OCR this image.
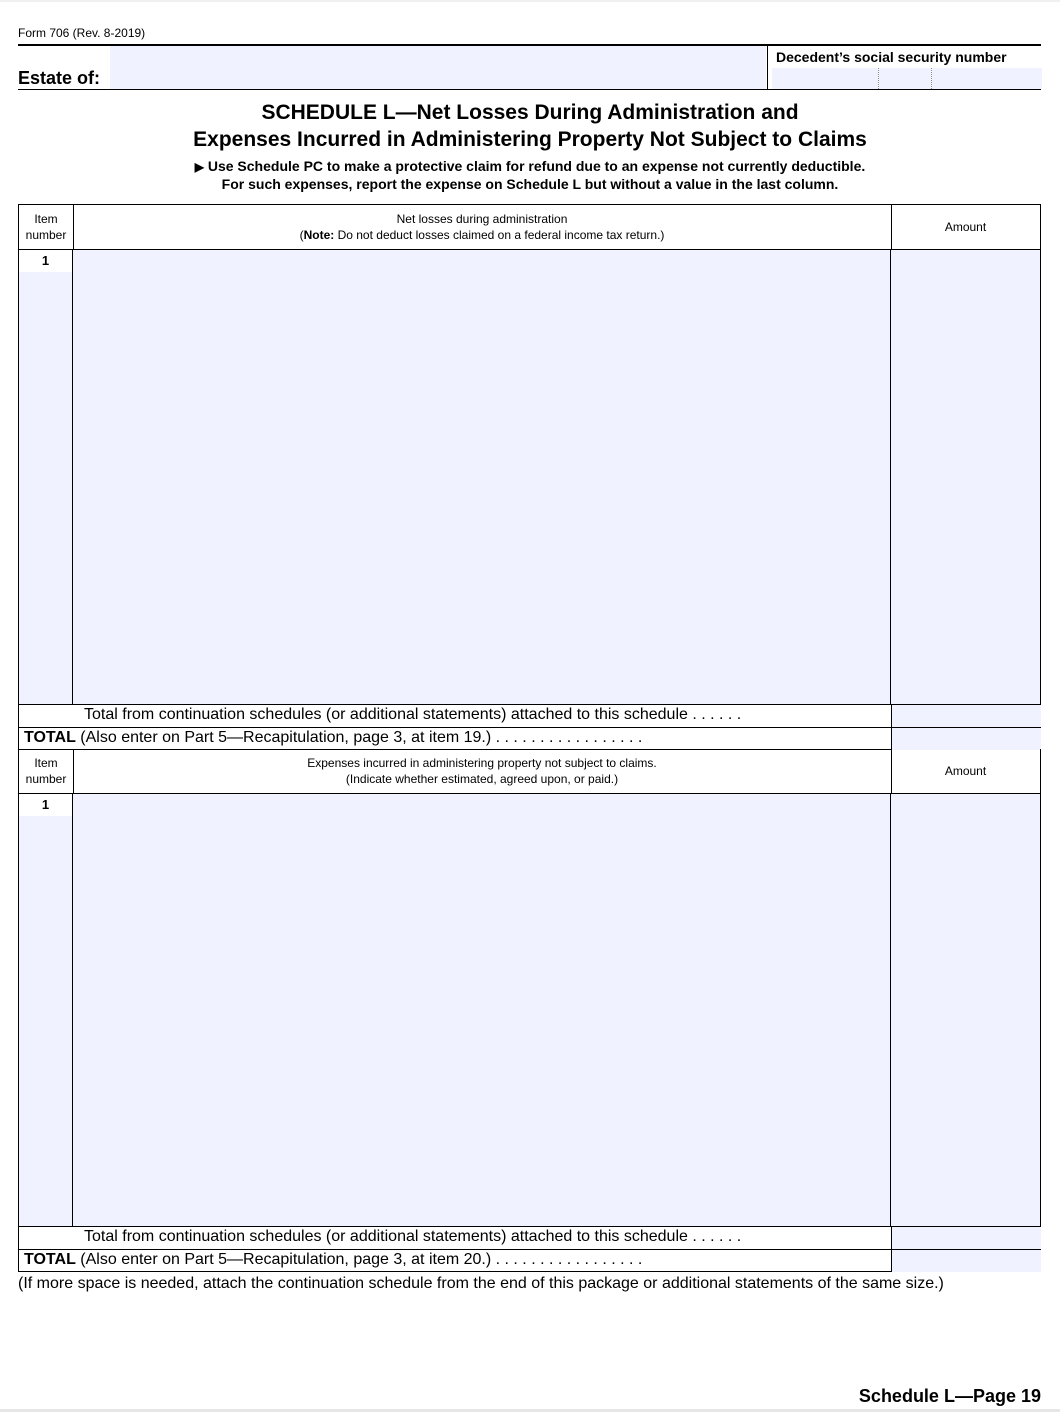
Form 706 (Rev. 8-2019)
Estate of:
Decedent’s social security number
SCHEDULE L—Net Losses During Administration and
Expenses Incurred in Administering Property Not Subject to Claims
▶ Use Schedule PC to make a protective claim for refund due to an expense not currently deductible.
For such expenses, report the expense on Schedule L but without a value in the last column.
Item
number
Net losses during administration
(Note: Do not deduct losses claimed on a federal income tax return.)
Amount
1
Total from continuation schedules (or additional statements) attached to this schedule . . . . . .
TOTAL (Also enter on Part 5—Recapitulation, page 3, at item 19.) . . . . . . . . . . . . . . . . .
Item
number
Expenses incurred in administering property not subject to claims.
(Indicate whether estimated, agreed upon, or paid.)
Amount
1
Total from continuation schedules (or additional statements) attached to this schedule . . . . . .
TOTAL (Also enter on Part 5—Recapitulation, page 3, at item 20.) . . . . . . . . . . . . . . . . .
(If more space is needed, attach the continuation schedule from the end of this package or additional statements of the same size.)
Schedule L—Page 19
